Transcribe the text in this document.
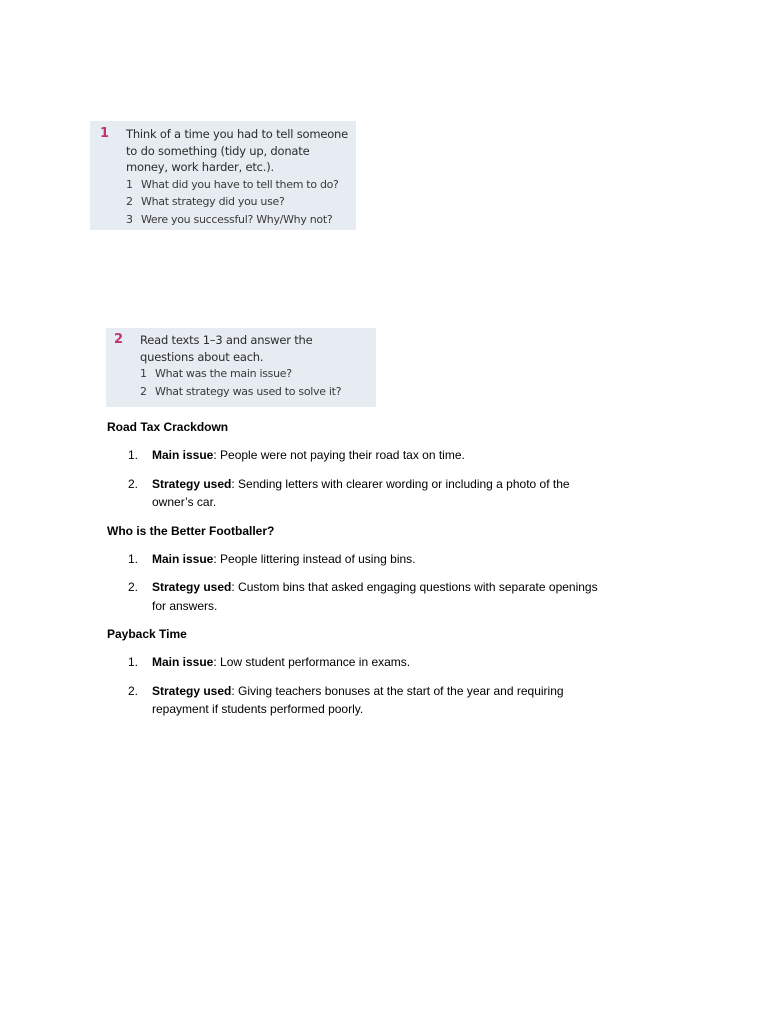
1	Think of a time you had to tell someone to do something (tidy up, donate money, work harder, etc.).
1 What did you have to tell them to do?
2 What strategy did you use?
3 Were you successful? Why/Why not?
2	Read texts 1–3 and answer the questions about each.
1 What was the main issue?
2 What strategy was used to solve it?

Road Tax Crackdown

1.	Main issue: People were not paying their road tax on time.
2.	Strategy used: Sending letters with clearer wording or including a photo of the owner’s car.

Who is the Better Footballer?

1.	Main issue: People littering instead of using bins.
2.	Strategy used: Custom bins that asked engaging questions with separate openings for answers.

Payback Time

1.	Main issue: Low student performance in exams.
2.	Strategy used: Giving teachers bonuses at the start of the year and requiring repayment if students performed poorly.
